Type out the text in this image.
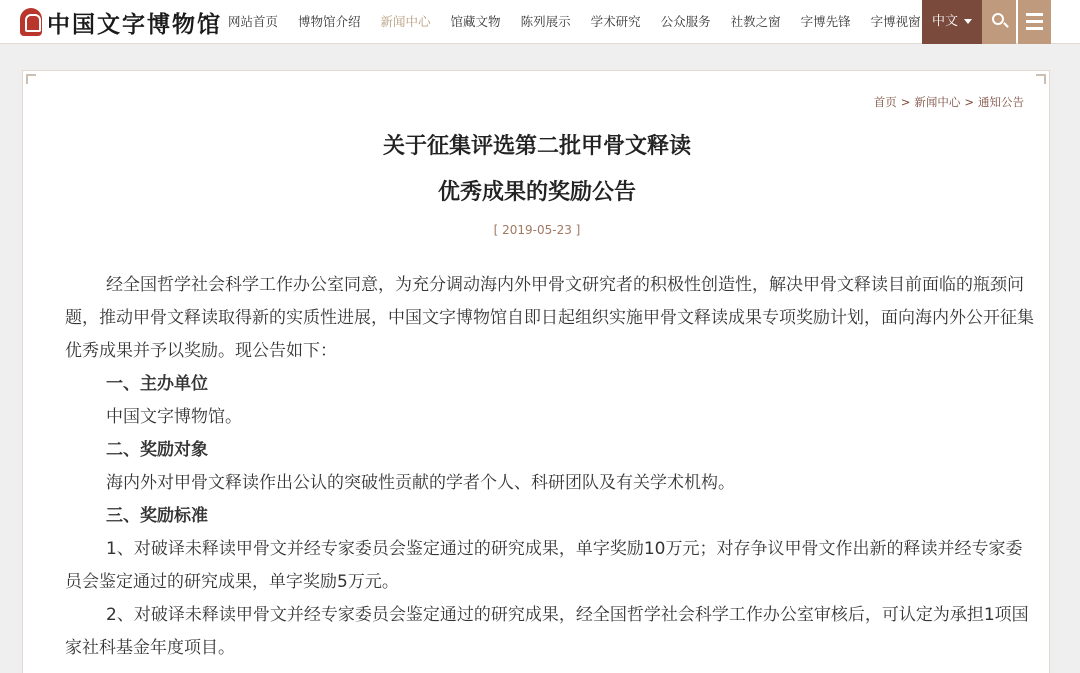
中国文字博物馆 网站首页	博物馆介绍	新闻中心	馆藏文物	陈列展示	学术研究	公众服务	社教之窗	字博先锋	字博视窗 中文
首页 > 新闻中心 > 通知公告
关于征集评选第二批甲骨文释读
优秀成果的奖励公告
[ 2019-05-23 ]

经全国哲学社会科学工作办公室同意，为充分调动海内外甲骨文研究者的积极性创造性，解决甲骨文释读目前面临的瓶颈问题，推动甲骨文释读取得新的实质性进展，中国文字博物馆自即日起组织实施甲骨文释读成果专项奖励计划，面向海内外公开征集优秀成果并予以奖励。现公告如下：

一、主办单位

中国文字博物馆。

二、奖励对象

海内外对甲骨文释读作出公认的突破性贡献的学者个人、科研团队及有关学术机构。

三、奖励标准

1、对破译未释读甲骨文并经专家委员会鉴定通过的研究成果，单字奖励10万元；对存争议甲骨文作出新的释读并经专家委员会鉴定通过的研究成果，单字奖励5万元。

2、对破译未释读甲骨文并经专家委员会鉴定通过的研究成果，经全国哲学社会科学工作办公室审核后，可认定为承担1项国家社科基金年度项目。
